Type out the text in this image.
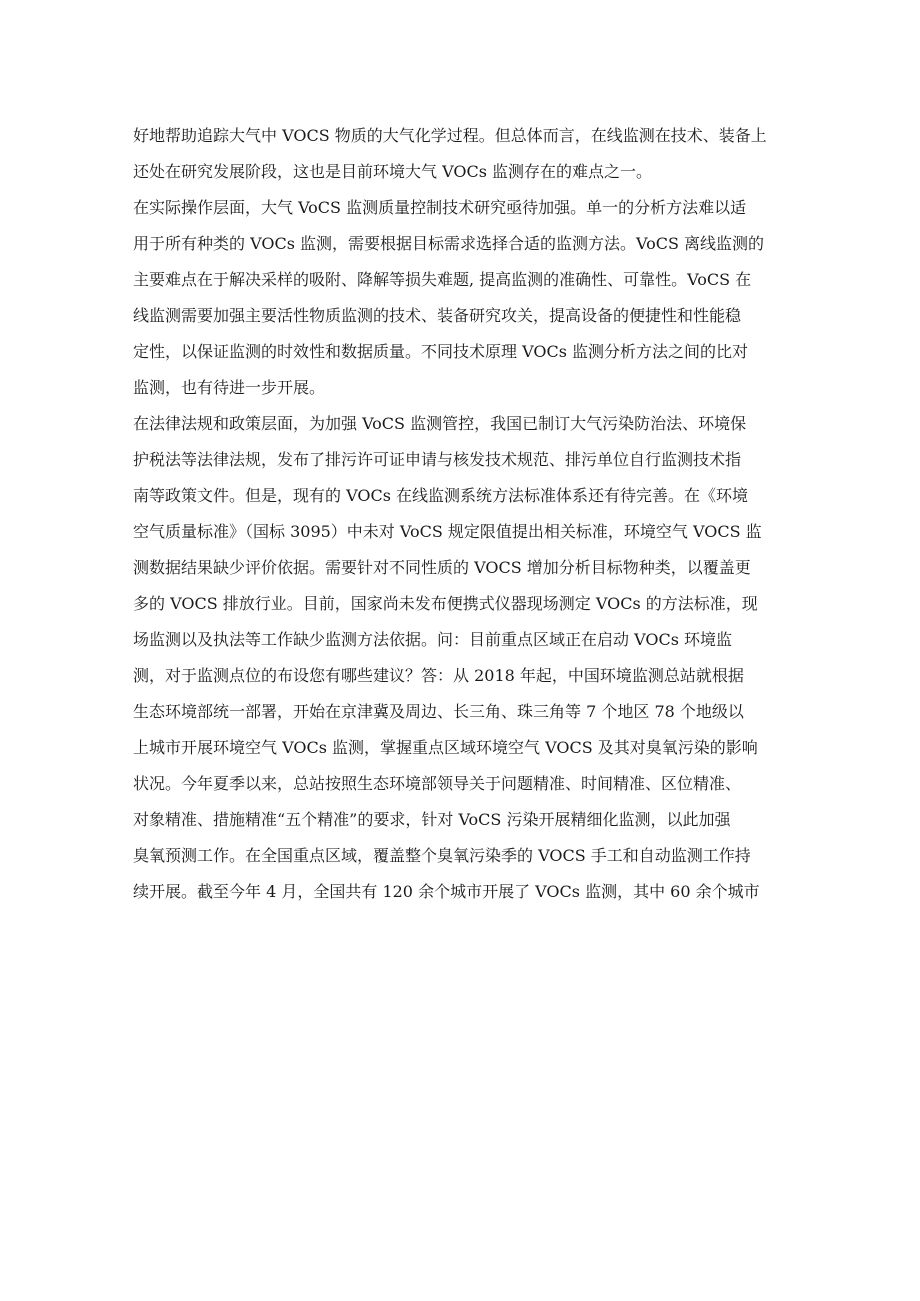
好地帮助追踪大气中 VOCS 物质的大气化学过程。但总体而言，在线监测在技术、装备上
还处在研究发展阶段，这也是目前环境大气 VOCs 监测存在的难点之一。
在实际操作层面，大气 VoCS 监测质量控制技术研究亟待加强。单一的分析方法难以适
用于所有种类的 VOCs 监测，需要根据目标需求选择合适的监测方法。VoCS 离线监测的
主要难点在于解决采样的吸附、降解等损失难题, 提高监测的准确性、可靠性。VoCS 在
线监测需要加强主要活性物质监测的技术、装备研究攻关，提高设备的便捷性和性能稳
定性，以保证监测的时效性和数据质量。不同技术原理 VOCs 监测分析方法之间的比对
监测，也有待进一步开展。
在法律法规和政策层面，为加强 VoCS 监测管控，我国已制订大气污染防治法、环境保
护税法等法律法规，发布了排污许可证申请与核发技术规范、排污单位自行监测技术指
南等政策文件。但是，现有的 VOCs 在线监测系统方法标准体系还有待完善。在《环境
空气质量标准》（国标 3095）中未对 VoCS 规定限值提出相关标准，环境空气 VOCS 监
测数据结果缺少评价依据。需要针对不同性质的 VOCS 增加分析目标物种类，以覆盖更
多的 VOCS 排放行业。目前，国家尚未发布便携式仪器现场测定 VOCs 的方法标准，现
场监测以及执法等工作缺少监测方法依据。问：目前重点区域正在启动 VOCs 环境监
测，对于监测点位的布设您有哪些建议？答：从 2018 年起，中国环境监测总站就根据
生态环境部统一部署，开始在京津冀及周边、长三角、珠三角等 7 个地区 78 个地级以
上城市开展环境空气 VOCs 监测，掌握重点区域环境空气 VOCS 及其对臭氧污染的影响
状况。今年夏季以来，总站按照生态环境部领导关于问题精准、时间精准、区位精准、
对象精准、措施精准“五个精准”的要求，针对 VoCS 污染开展精细化监测，以此加强
臭氧预测工作。在全国重点区域，覆盖整个臭氧污染季的 VOCS 手工和自动监测工作持
续开展。截至今年 4 月，全国共有 120 余个城市开展了 VOCs 监测，其中 60 余个城市
